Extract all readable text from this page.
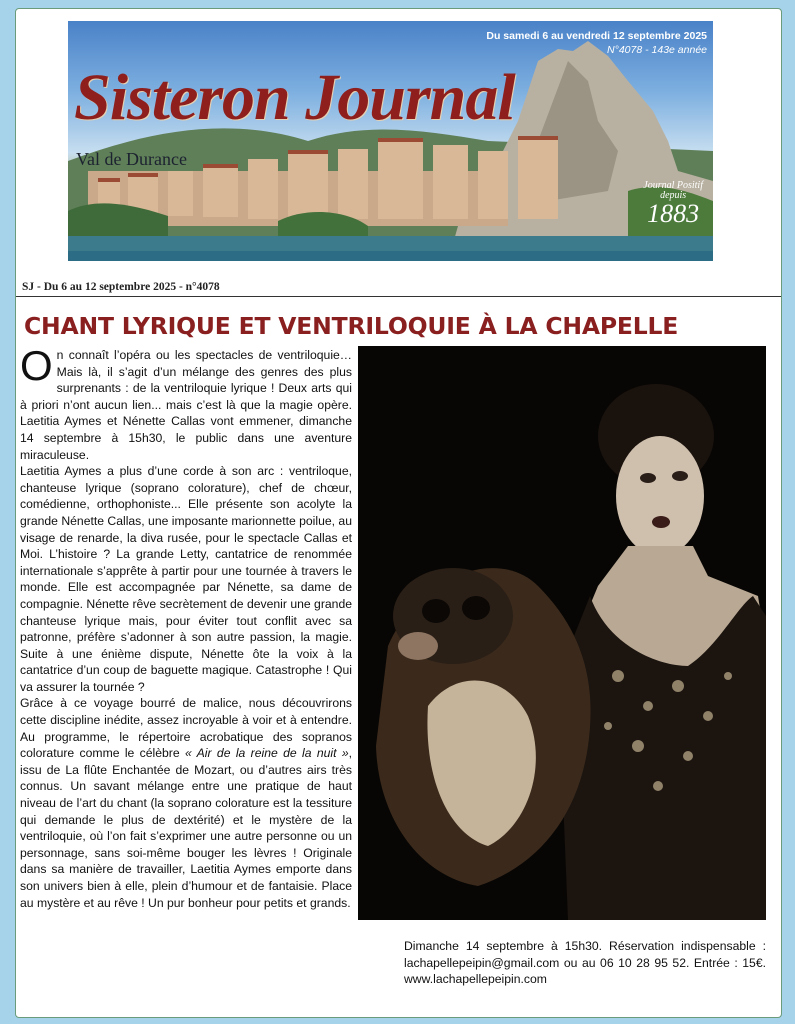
Sisteron Journal
Val de Durance
Du samedi 6 au vendredi 12 septembre 2025
N°4078 - 143e année
Journal Positif
depuis
1883
SJ - Du 6 au 12 septembre 2025 - n°4078
CHANT LYRIQUE ET VENTRILOQUIE À LA CHAPELLE

On connaît l’opéra ou les spectacles de ventriloquie… Mais là, il s’agit d’un mélange des genres des plus surprenants : de la ventriloquie lyrique ! Deux arts qui à priori n’ont aucun lien... mais c’est là que la magie opère. Laetitia Aymes et Nénette Callas vont emmener, dimanche 14 septembre à 15h30, le public dans une aventure miraculeuse.

Laetitia Aymes a plus d’une corde à son arc : ventriloque, chanteuse lyrique (soprano colorature), chef de chœur, comédienne, orthophoniste... Elle présente son acolyte la grande Nénette Callas, une imposante marionnette poilue, au visage de renarde, la diva rusée, pour le spectacle Callas et Moi. L’histoire ? La grande Letty, cantatrice de renommée internationale s’apprête à partir pour une tournée à travers le monde. Elle est accompagnée par Nénette, sa dame de compagnie. Nénette rêve secrètement de devenir une grande chanteuse lyrique mais, pour éviter tout conflit avec sa patronne, préfère s’adonner à son autre passion, la magie. Suite à une énième dispute, Nénette ôte la voix à la cantatrice d’un coup de baguette magique. Catastrophe ! Qui va assurer la tournée ?

Grâce à ce voyage bourré de malice, nous découvrirons cette discipline inédite, assez incroyable à voir et à entendre. Au programme, le répertoire acrobatique des sopranos colorature comme le célèbre « Air de la reine de la nuit », issu de La flûte Enchantée de Mozart, ou d’autres airs très connus. Un savant mélange entre une pratique de haut niveau de l’art du chant (la soprano colorature est la tessiture qui demande le plus de dextérité) et le mystère de la ventriloquie, où l’on fait s’exprimer une autre personne ou un personnage, sans soi-même bouger les lèvres ! Originale dans sa manière de travailler, Laetitia Aymes emporte dans son univers bien à elle, plein d’humour et de fantaisie. Place au mystère et au rêve ! Un pur bonheur pour petits et grands.

Dimanche 14 septembre à 15h30. Réservation indispensable : lachapellepeipin@gmail.com ou au 06 10 28 95 52. Entrée : 15€. www.lachapellepeipin.com
